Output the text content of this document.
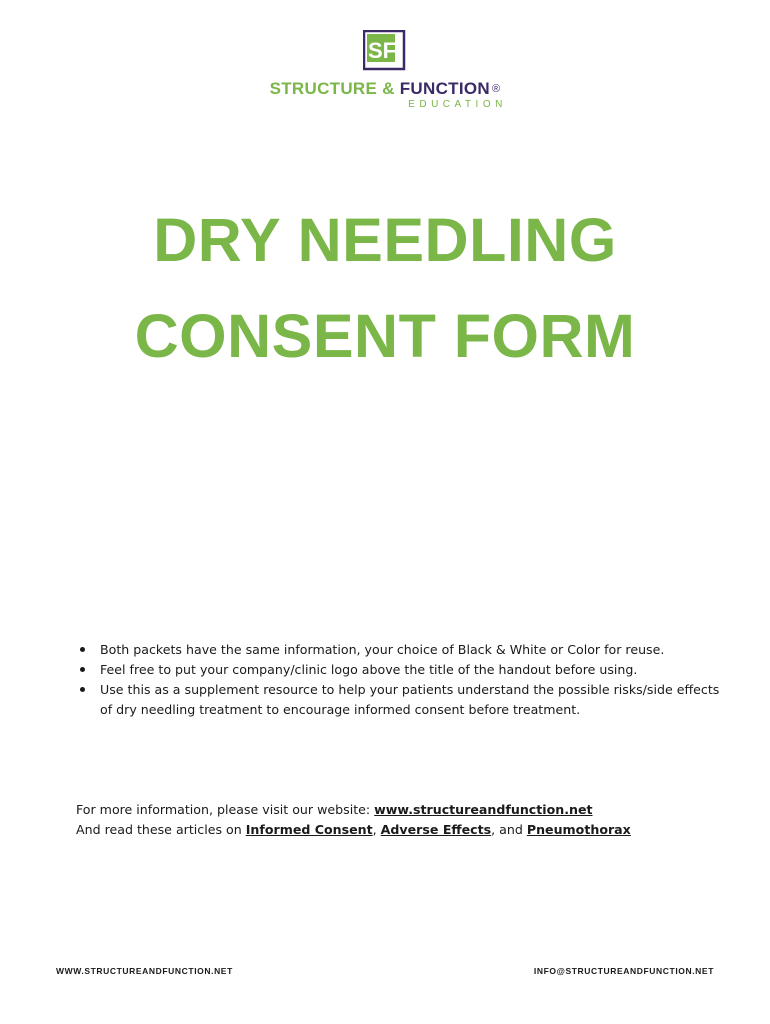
SF
STRUCTURE & FUNCTION ®
EDUCATION
DRY NEEDLING
CONSENT FORM
Both packets have the same information, your choice of Black & White or Color for reuse.
Feel free to put your company/clinic logo above the title of the handout before using.
Use this as a supplement resource to help your patients understand the possible risks/side effects of dry needling treatment to encourage informed consent before treatment.
For more information, please visit our website: www.structureandfunction.net
And read these articles on Informed Consent, Adverse Effects, and Pneumothorax
WWW.STRUCTUREANDFUNCTION.NET	INFO@STRUCTUREANDFUNCTION.NET
